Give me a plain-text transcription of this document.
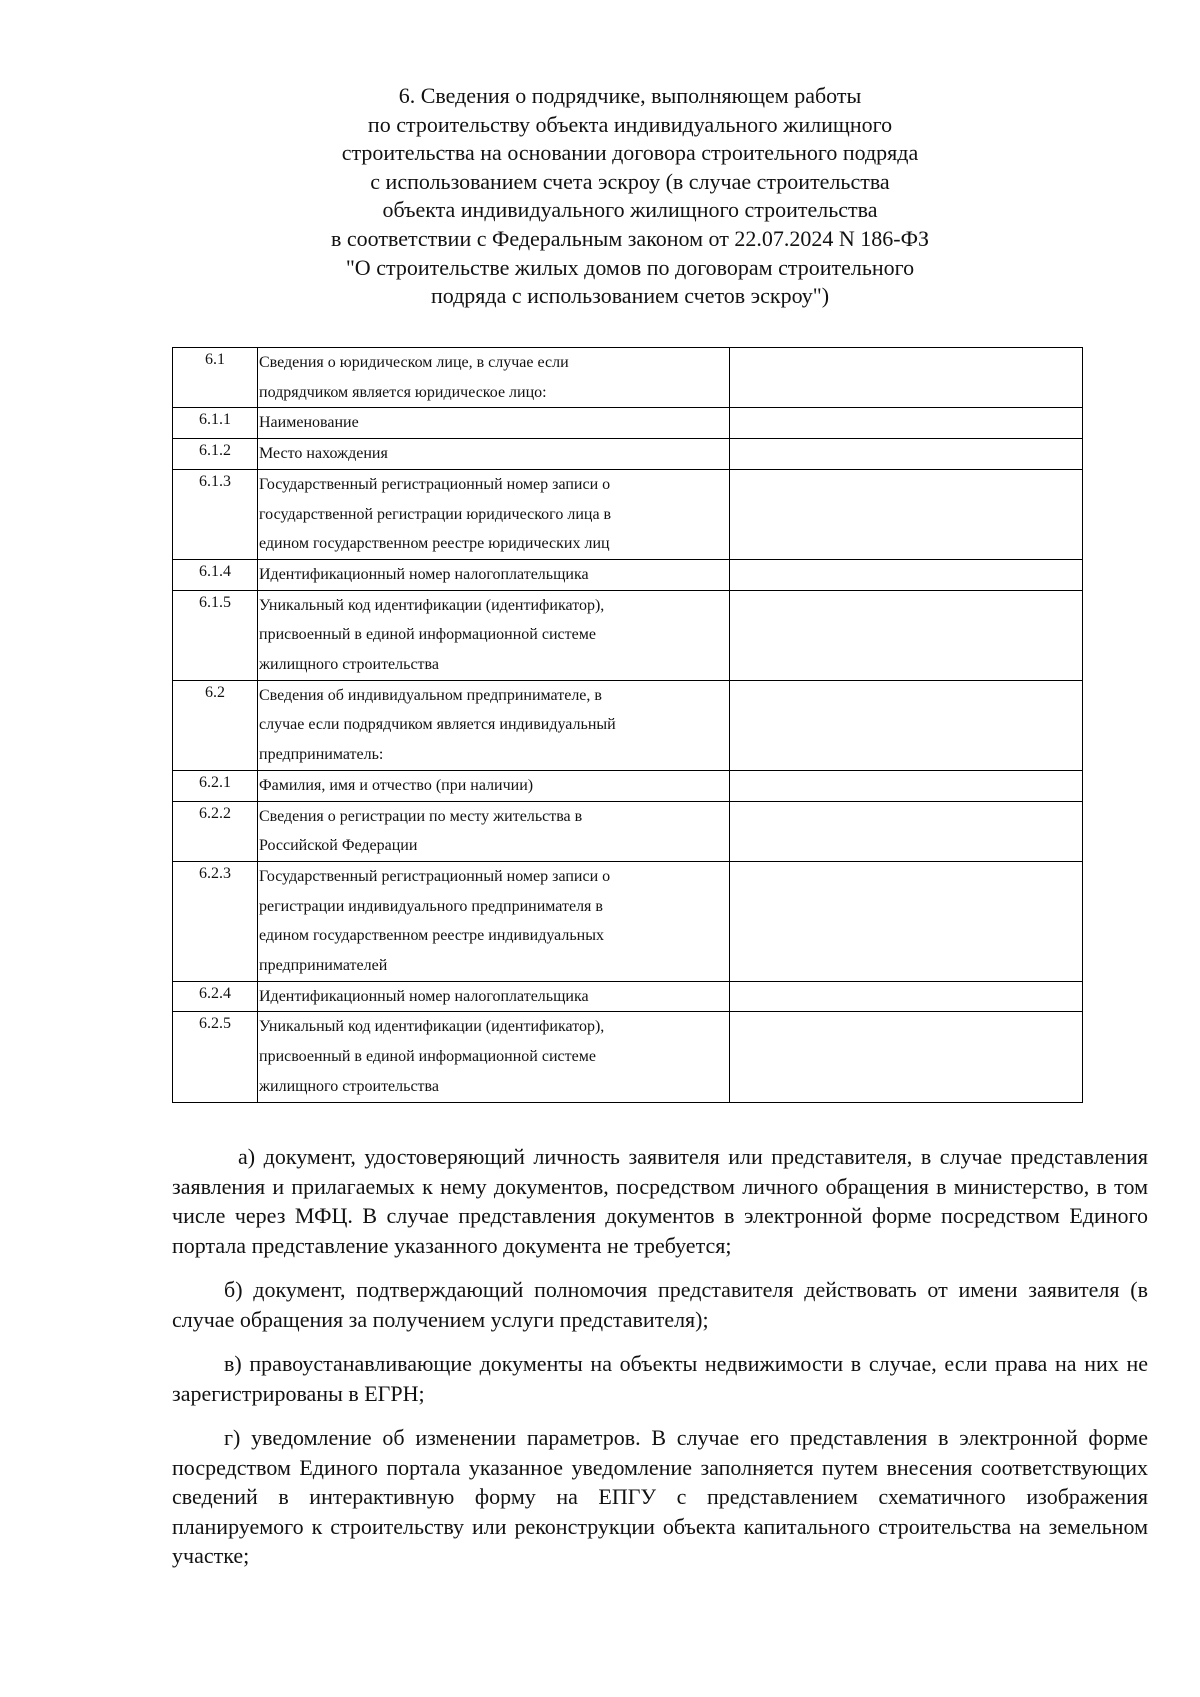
6. Сведения о подрядчике, выполняющем работы
по строительству объекта индивидуального жилищного
строительства на основании договора строительного подряда
с использованием счета эскроу (в случае строительства
объекта индивидуального жилищного строительства
в соответствии с Федеральным законом от 22.07.2024 N 186-ФЗ
"О строительстве жилых домов по договорам строительного
подряда с использованием счетов эскроу")
6.1	Сведения о юридическом лице, в случае если
подрядчиком является юридическое лицо:	

6.1.1	Наименование	

6.1.2	Место нахождения	

6.1.3	Государственный регистрационный номер записи о
государственной регистрации юридического лица в
едином государственном реестре юридических лиц	

6.1.4	Идентификационный номер налогоплательщика	

6.1.5	Уникальный код идентификации (идентификатор),
присвоенный в единой информационной системе
жилищного строительства	

6.2	Сведения об индивидуальном предпринимателе, в
случае если подрядчиком является индивидуальный
предприниматель:	

6.2.1	Фамилия, имя и отчество (при наличии)	

6.2.2	Сведения о регистрации по месту жительства в
Российской Федерации	

6.2.3	Государственный регистрационный номер записи о
регистрации индивидуального предпринимателя в
едином государственном реестре индивидуальных
предпринимателей	

6.2.4	Идентификационный номер налогоплательщика	

6.2.5	Уникальный код идентификации (идентификатор),
присвоенный в единой информационной системе
жилищного строительства	

а) документ, удостоверяющий личность заявителя или представителя, в случае представления заявления и прилагаемых к нему документов, посредством личного обращения в министерство, в том числе через МФЦ. В случае представления документов в электронной форме посредством Единого портала представление указанного документа не требуется;

б) документ, подтверждающий полномочия представителя действовать от имени заявителя (в случае обращения за получением услуги представителя);

в) правоустанавливающие документы на объекты недвижимости в случае, если права на них не зарегистрированы в ЕГРН;

г) уведомление об изменении параметров. В случае его представления в электронной форме посредством Единого портала указанное уведомление заполняется путем внесения соответствующих сведений в интерактивную форму на ЕПГУ с представлением схематичного изображения планируемого к строительству или реконструкции объекта капитального строительства на земельном участке;
